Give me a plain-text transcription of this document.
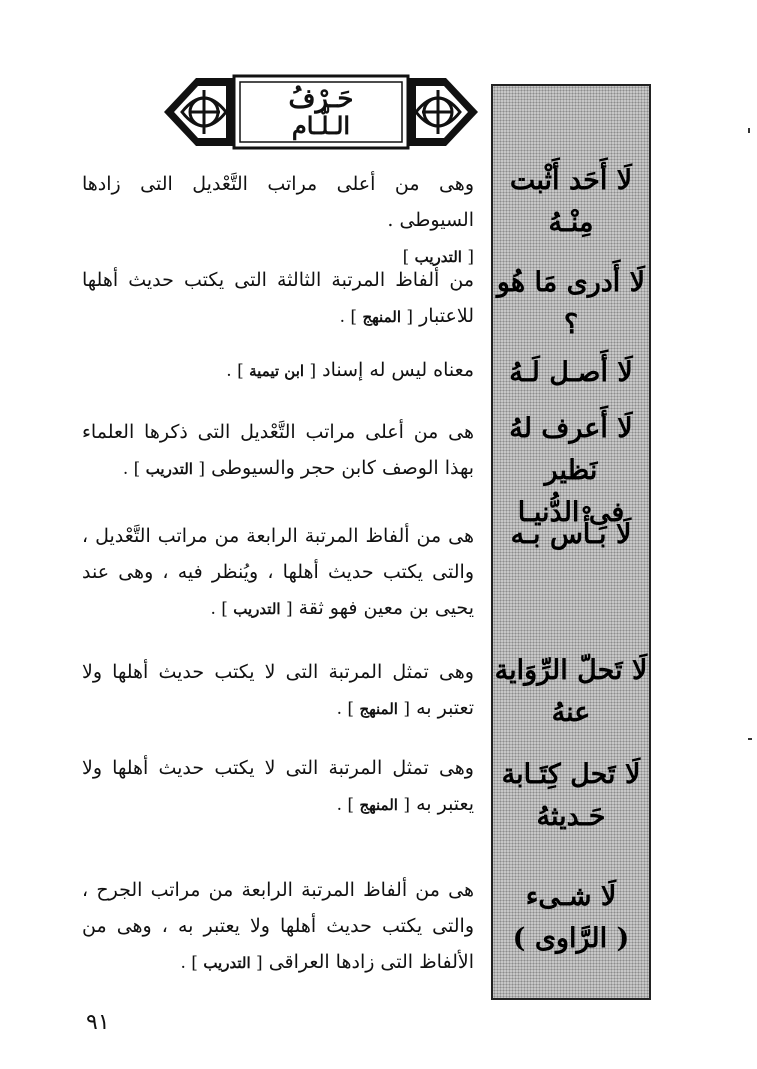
حَـرْفُ
الـلّـام
لَا أَحَد أَثْبت
مِنْـهُ
لَا أَدرى مَا هُو ؟
لَا أَصـل لَـهُ
لَا أَعرف لهُ نَظير
فى الدُّنيـا
لَا بَـأْس بـه
لَا تَحلّ الرِّوَاية عنهُ
لَا تَحل كِتَـابة
حَـديثهُ
لَا شـىء
( الرَّاوى )
وهى من أعلى مراتب التَّعْديل التى زادها السيوطى .
[ التدريب ]
من ألفاظ المرتبة الثالثة التى يكتب حديث أهلها للاعتبار [ المنهج ] .
معناه ليس له إسناد [ ابن تيمية ] .
هى من أعلى مراتب التَّعْديل التى ذكرها العلماء بهذا الوصف كابن حجر والسيوطى [ التدريب ] .
هى من ألفاظ المرتبة الرابعة من مراتب التَّعْديل ، والتى يكتب حديث أهلها ، ويُنظر فيه ، وهى عند يحيى بن معين فهو ثقة [ التدريب ] .
وهى تمثل المرتبة التى لا يكتب حديث أهلها ولا تعتبر به [ المنهج ] .
وهى تمثل المرتبة التى لا يكتب حديث أهلها ولا يعتبر به [ المنهج ] .
هى من ألفاظ المرتبة الرابعة من مراتب الجرح ، والتى يكتب حديث أهلها ولا يعتبر به ، وهى من الألفاظ التى زادها العراقى [ التدريب ] .
٩١
